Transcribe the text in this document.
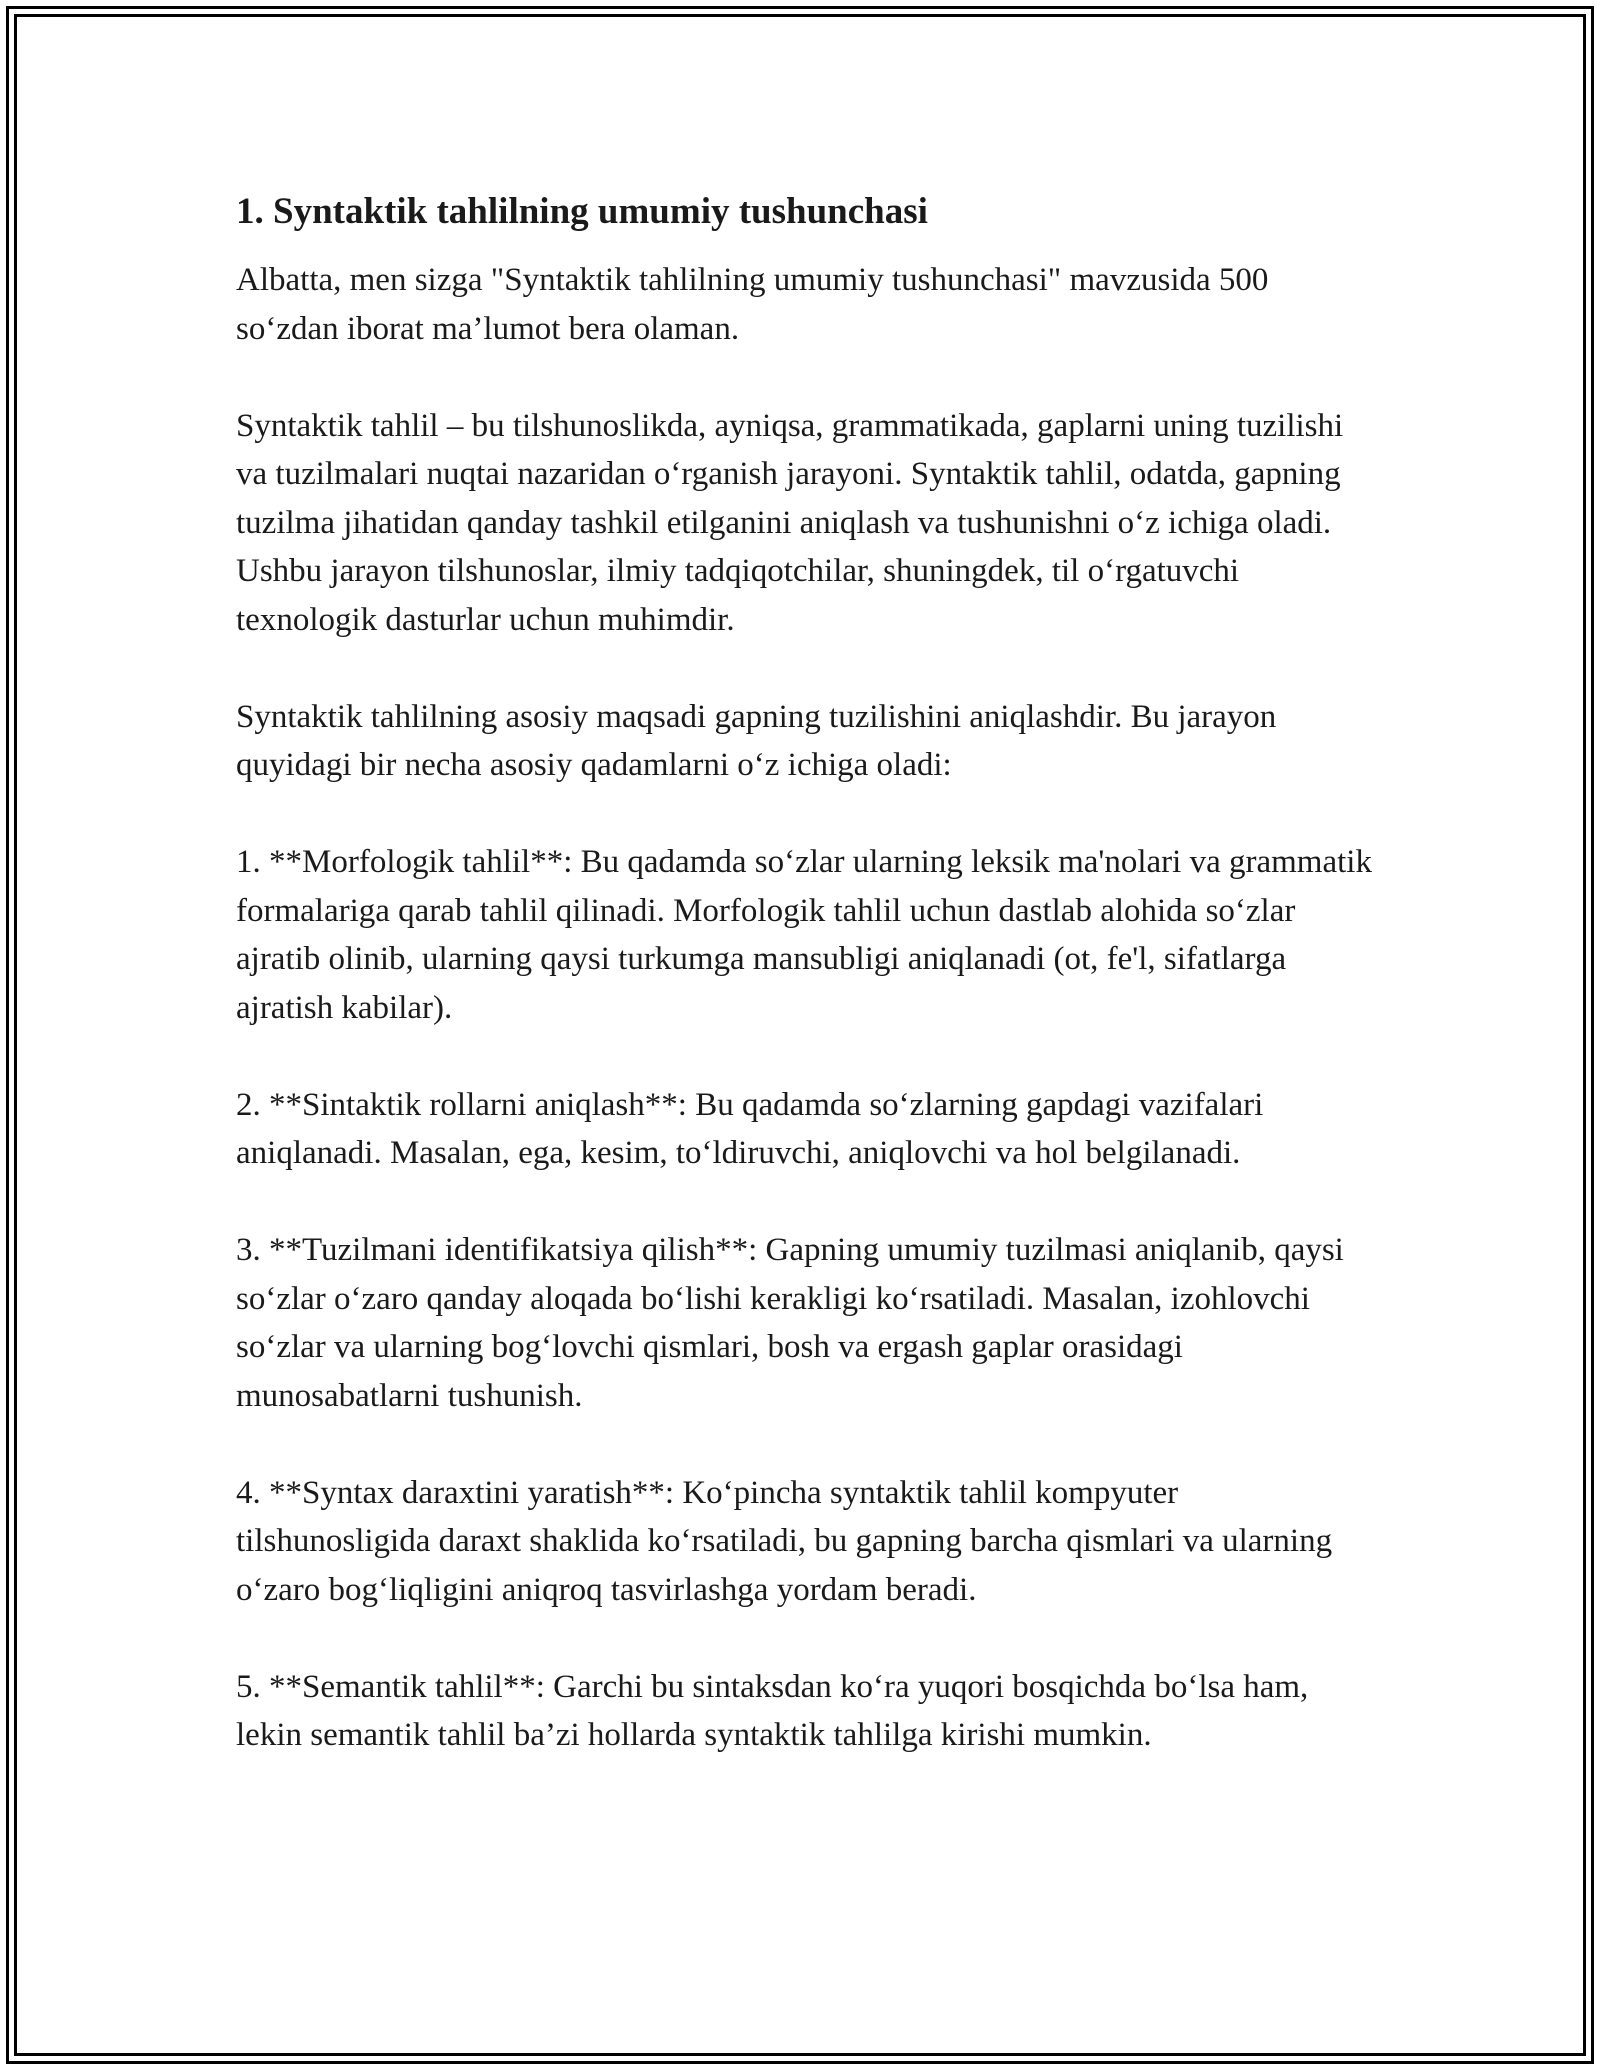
1. Syntaktik tahlilning umumiy tushunchasi

Albatta, men sizga "Syntaktik tahlilning umumiy tushunchasi" mavzusida 500 so‘zdan iborat ma’lumot bera olaman.

Syntaktik tahlil – bu tilshunoslikda, ayniqsa, grammatikada, gaplarni uning tuzilishi va tuzilmalari nuqtai nazaridan o‘rganish jarayoni. Syntaktik tahlil, odatda, gapning tuzilma jihatidan qanday tashkil etilganini aniqlash va tushunishni o‘z ichiga oladi. Ushbu jarayon tilshunoslar, ilmiy tadqiqotchilar, shuningdek, til o‘rgatuvchi texnologik dasturlar uchun muhimdir.

Syntaktik tahlilning asosiy maqsadi gapning tuzilishini aniqlashdir. Bu jarayon quyidagi bir necha asosiy qadamlarni o‘z ichiga oladi:

1. **Morfologik tahlil**: Bu qadamda so‘zlar ularning leksik ma'nolari va grammatik formalariga qarab tahlil qilinadi. Morfologik tahlil uchun dastlab alohida so‘zlar ajratib olinib, ularning qaysi turkumga mansubligi aniqlanadi (ot, fe'l, sifatlarga ajratish kabilar).

2. **Sintaktik rollarni aniqlash**: Bu qadamda so‘zlarning gapdagi vazifalari aniqlanadi. Masalan, ega, kesim, to‘ldiruvchi, aniqlovchi va hol belgilanadi.

3. **Tuzilmani identifikatsiya qilish**: Gapning umumiy tuzilmasi aniqlanib, qaysi so‘zlar o‘zaro qanday aloqada bo‘lishi kerakligi ko‘rsatiladi. Masalan, izohlovchi so‘zlar va ularning bog‘lovchi qismlari, bosh va ergash gaplar orasidagi munosabatlarni tushunish.

4. **Syntax daraxtini yaratish**: Ko‘pincha syntaktik tahlil kompyuter tilshunosligida daraxt shaklida ko‘rsatiladi, bu gapning barcha qismlari va ularning o‘zaro bog‘liqligini aniqroq tasvirlashga yordam beradi.

5. **Semantik tahlil**: Garchi bu sintaksdan ko‘ra yuqori bosqichda bo‘lsa ham, lekin semantik tahlil ba’zi hollarda syntaktik tahlilga kirishi mumkin.
